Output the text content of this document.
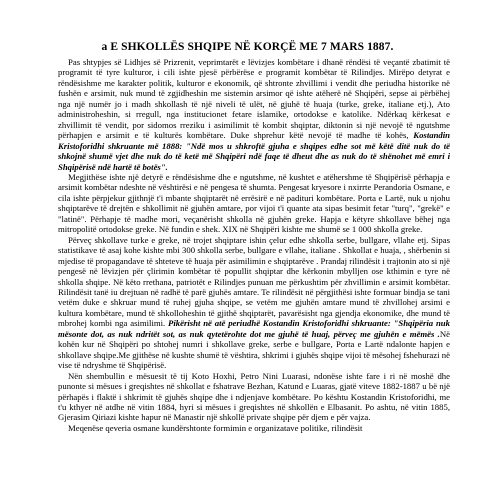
a E SHKOLLËS SHQIPE NË KORÇË ME 7 MARS 1887.

Pas shtypjes së Lidhjes së Prizrenit, veprimtarët e lëvizjes kombëtare i dhanë rëndësi të veçantë zbatimit të programit të tyre kulturor, i cili ishte pjesë përbërëse e programit kombëtar të Rilindjes. Mirëpo detyrat e rëndësishme me karakter politik, kulturor e ekonomik, që shtronte zhvillimi i vendit dhe periudha historike në fushën e arsimit, nuk mund të zgjidheshin me sistemin arsimor që ishte atëherë në Shqipëri, sepse ai përbëhej nga një numër jo i madh shkollash të një niveli të ulët, në gjuhë të huaja (turke, greke, italiane etj.), Ato administroheshin, si rregull, nga institucionet fetare islamike, ortodokse e katolike. Ndërkaq kërkesat e zhvillimit të vendit, por sidomos rreziku i asimilimit të kombit shqiptar, diktonin si një nevojë të ngutshme përhapjen e arsimit e të kulturës kombëtare. Duke shprehur këtë nevojë të madhe të kohës, Kostandin Kristoforidhi shkruante më 1888: "Ndë mos u shkroftë gjuha e shqipes edhe sot më këtë ditë nuk do të shkojnë shumë vjet dhe nuk do të ketë më Shqipëri ndë faqe të dheut dhe as nuk do të shënohet më emri i Shqipërisë ndë hartë të botës".

Megjithëse ishte një detyrë e rëndësishme dhe e ngutshme, në kushtet e atëhershme të Shqipërisë përhapja e arsimit kombëtar ndeshte në vështirësi e në pengesa të shumta. Pengesat kryesore i nxirrte Perandoria Osmane, e cila ishte përpjekur gjithnjë t'i mbante shqiptarët në errësirë e në padituri kombëtare. Porta e Lartë, nuk u njohu shqiptarëve të drejtën e shkollimit në gjuhën amtare, por vijoi t'i quante ata sipas besimit fetar "turq", "grekë" e "latinë". Përhapje të madhe mori, veçanërisht shkolla në gjuhën greke. Hapja e këtyre shkollave bëhej nga mitropolitë ortodokse greke. Në fundin e shek. XIX në Shqipëri kishte me shumë se 1 000 shkolla greke.

Përveç shkollave turke e greke, në trojet shqiptare ishin çelur edhe shkolla serbe, bullgare, vllahe etj. Sipas statistikave të asaj kohe kishte mbi 300 shkolla serbe, bullgare e vllahe, italiane . Shkollat e huaja, , shërbenin si mjedise të propagandave të shteteve të huaja për asimilimin e shqiptarëve . Prandaj rilindësit i trajtonin ato si një pengesë në lëvizjen për çlirimin kombëtar të popullit shqiptar dhe kërkonin mbylljen ose kthimin e tyre në shkolla shqipe. Në këto rrethana, patriotët e Rilindjes punuan me përkushtim për zhvillimin e arsimit kombëtar. Rilindësit tanë iu drejtuan në radhë të parë gjuhës amtare. Te rilindësit në përgjithësi ishte formuar bindja se tani vetëm duke e shkruar mund të ruhej gjuha shqipe, se vetëm me gjuhën amtare mund të zhvillohej arsimi e kultura kombëtare, mund të shkolloheshin të gjithë shqiptarët, pavarësisht nga gjendja ekonomike, dhe mund të mbrohej kombi nga asimilimi. Pikërisht në atë periudhë Kostandin Kristoforidhi shkruante: "Shqipëria nuk mësonte dot, as nuk ndritët sot, as nuk qytetërohte dot me gjuhë të huaj, përveç me gjuhën e mëmës .Në kohën kur në Shqipëri po shtohej numri i shkollave greke, serbe e bullgare, Porta e Lartë ndalonte hapjen e shkollave shqipe.Me gjithëse në kushte shumë të vështira, shkrimi i gjuhës shqipe vijoi të mësohej fshehurazi në vise të ndryshme të Shqipërisë.

Nën shembullin e mësuesit të tij Koto Hoxhi, Petro Nini Luarasi, ndonëse ishte fare i ri në moshë dhe punonte si mësues i greqishtes në shkollat e fshatrave Bezhan, Katund e Luaras, gjatë viteve 1882-1887 u bë një përhapës i flaktë i shkrimit të gjuhës shqipe dhe i ndjenjave kombëtare. Po kështu Kostandin Kristoforidhi, me t'u kthyer në atdhe në vitin 1884, hyri si mësues i greqishtes në shkollën e Elbasanit. Po ashtu, në vitin 1885, Gjerasim Qiriazi kishte hapur në Manastir një shkollë private shqipe për djem e për vajza.

Meqenëse qeveria osmane kundërshtonte formimin e organizatave politike, rilindësit
